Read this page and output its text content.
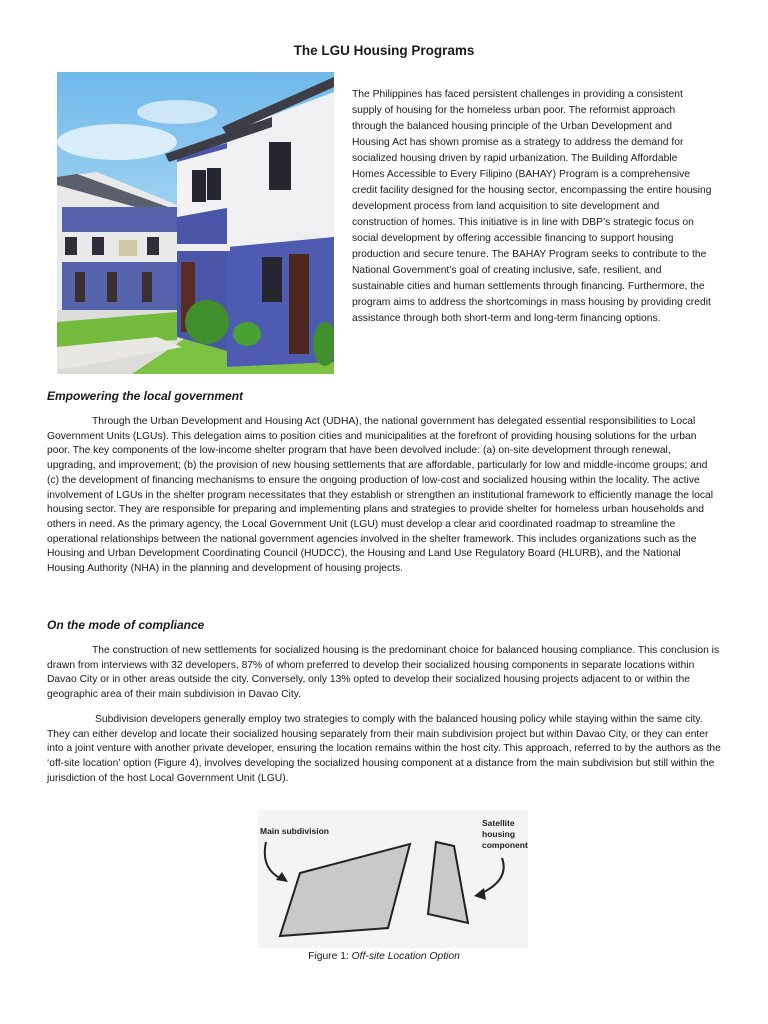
The LGU Housing Programs

The Philippines has faced persistent challenges in providing a consistent supply of housing for the homeless urban poor. The reformist approach through the balanced housing principle of the Urban Development and Housing Act has shown promise as a strategy to address the demand for socialized housing driven by rapid urbanization. The Building Affordable Homes Accessible to Every Filipino (BAHAY) Program is a comprehensive credit facility designed for the housing sector, encompassing the entire housing development process from land acquisition to site development and construction of homes. This initiative is in line with DBP’s strategic focus on social development by offering accessible financing to support housing production and secure tenure. The BAHAY Program seeks to contribute to the National Government’s goal of creating inclusive, safe, resilient, and sustainable cities and human settlements through financing. Furthermore, the program aims to address the shortcomings in mass housing by providing credit assistance through both short-term and long-term financing options.

Empowering the local government

Through the Urban Development and Housing Act (UDHA), the national government has delegated essential responsibilities to Local Government Units (LGUs). This delegation aims to position cities and municipalities at the forefront of providing housing solutions for the urban poor. The key components of the low-income shelter program that have been devolved include: (a) on-site development through renewal, upgrading, and improvement; (b) the provision of new housing settlements that are affordable, particularly for low and middle-income groups; and (c) the development of financing mechanisms to ensure the ongoing production of low-cost and socialized housing within the locality. The active involvement of LGUs in the shelter program necessitates that they establish or strengthen an institutional framework to efficiently manage the local housing sector. They are responsible for preparing and implementing plans and strategies to provide shelter for homeless urban households and others in need. As the primary agency, the Local Government Unit (LGU) must develop a clear and coordinated roadmap to streamline the operational relationships between the national government agencies involved in the shelter framework. This includes organizations such as the Housing and Urban Development Coordinating Council (HUDCC), the Housing and Land Use Regulatory Board (HLURB), and the National Housing Authority (NHA) in the planning and development of housing projects.

On the mode of compliance

The construction of new settlements for socialized housing is the predominant choice for balanced housing compliance. This conclusion is drawn from interviews with 32 developers, 87% of whom preferred to develop their socialized housing components in separate locations within Davao City or in other areas outside the city. Conversely, only 13% opted to develop their socialized housing projects adjacent to or within the geographic area of their main subdivision in Davao City.

Subdivision developers generally employ two strategies to comply with the balanced housing policy while staying within the same city. They can either develop and locate their socialized housing separately from their main subdivision project but within Davao City, or they can enter into a joint venture with another private developer, ensuring the location remains within the host city. This approach, referred to by the authors as the ‘off-site location’ option (Figure 4), involves developing the socialized housing component at a distance from the main subdivision but still within the jurisdiction of the host Local Government Unit (LGU).

Main subdivision
Satellite
housing
component
Figure 1: Off-site Location Option
